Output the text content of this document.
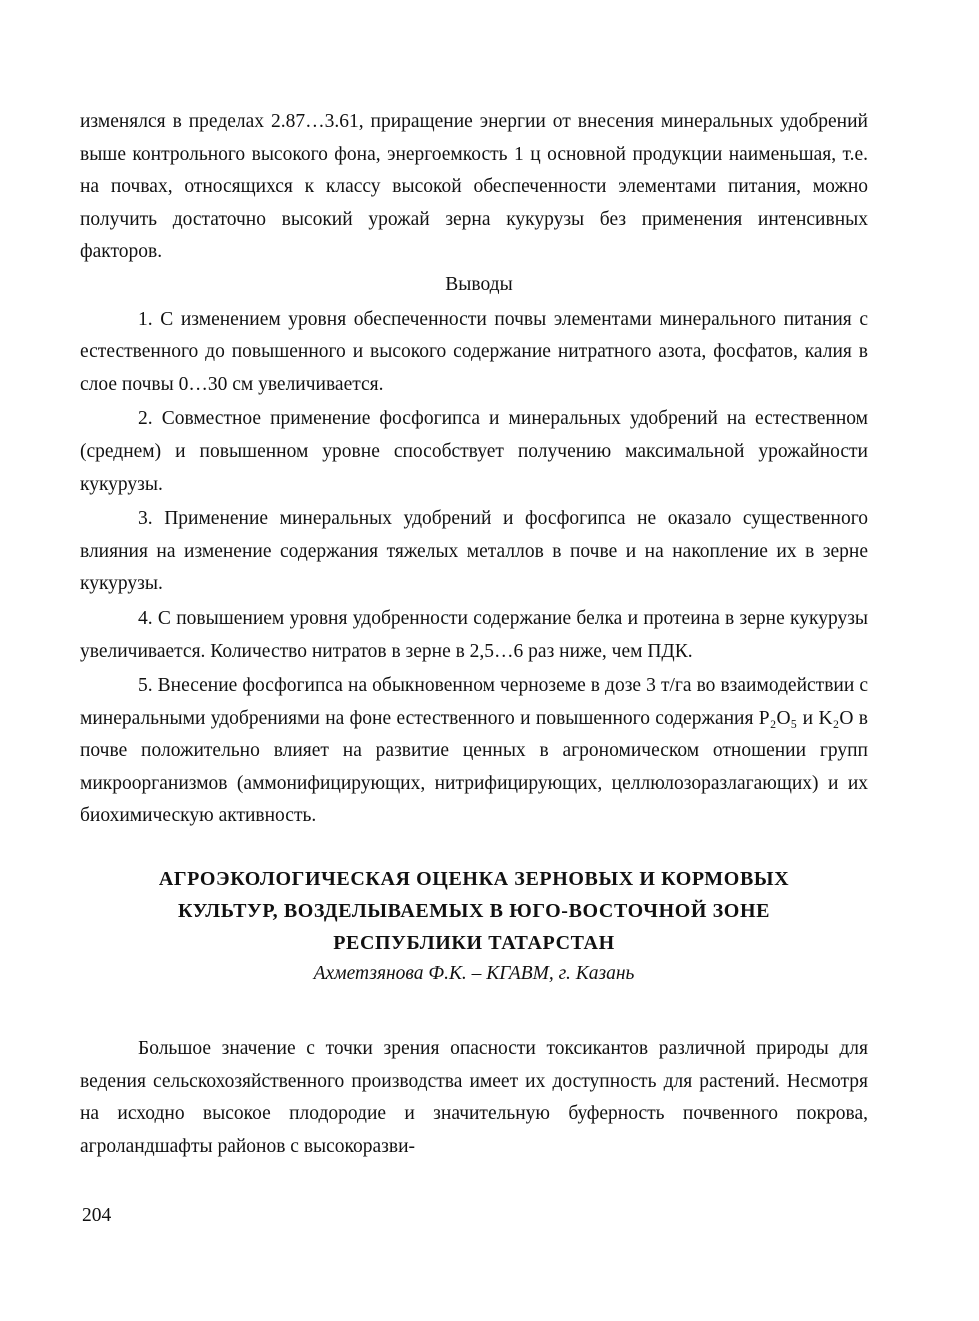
изменялся в пределах 2.87…3.61, приращение энергии от внесения минеральных удобрений выше контрольного высокого фона, энергоемкость 1 ц основной продукции наименьшая, т.е. на почвах, относящихся к классу высокой обеспеченности элементами питания, можно получить достаточно высокий урожай зерна кукурузы без применения интенсивных факторов.

Выводы

1. С изменением уровня обеспеченности почвы элементами минерального питания с естественного до повышенного и высокого содержание нитратного азота, фосфатов, калия в слое почвы 0…30 см увеличивается.

2. Совместное применение фосфогипса и минеральных удобрений на естественном (среднем) и повышенном уровне способствует получению максимальной урожайности кукурузы.

3. Применение минеральных удобрений и фосфогипса не оказало существенного влияния на изменение содержания тяжелых металлов в почве и на накопление их в зерне кукурузы.

4. С повышением уровня удобренности содержание белка и протеина в зерне кукурузы увеличивается. Количество нитратов в зерне в 2,5…6 раз ниже, чем ПДК.

5. Внесение фосфогипса на обыкновенном черноземе в дозе 3 т/га во взаимодействии с минеральными удобрениями на фоне естественного и повышенного содержания P₂O₅ и K₂O в почве положительно влияет на развитие ценных в агрономическом отношении групп микроорганизмов (аммонифицирующих, нитрифицирующих, целлюлозоразлагающих) и их биохимическую активность.

АГРОЭКОЛОГИЧЕСКАЯ ОЦЕНКА ЗЕРНОВЫХ И КОРМОВЫХ
КУЛЬТУР, ВОЗДЕЛЫВАЕМЫХ В ЮГО-ВОСТОЧНОЙ ЗОНЕ
РЕСПУБЛИКИ ТАТАРСТАН

Ахметзянова Ф.К. – КГАВМ, г. Казань

Большое значение с точки зрения опасности токсикантов различной природы для ведения сельскохозяйственного производства имеет их доступность для растений. Несмотря на исходно высокое плодородие и значительную буферность почвенного покрова, агроландшафты районов с высокоразви-

204
